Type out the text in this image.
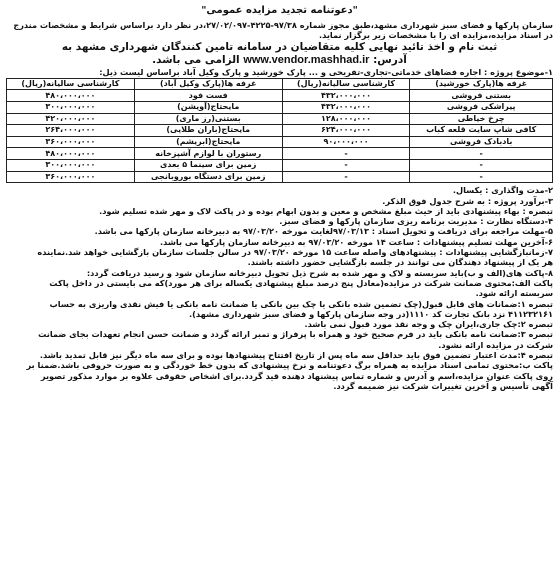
"دعوتنامه تجدید مزایده عمومی"

سازمان پارکها و فضای سبز شهرداری مشهد،طبق مجوز شماره ۹۷/۳۸-۴۲۲۵-۲۷/۰۲/۰۹۷،در نظر دارد براساس شرایط و مشخصات مندرج

در اسناد مزایده،مزایده ای را با مشخصات زیر برگزار نماید.

ثبت نام و اخذ تائید نهایی کلیه متقاضیان در سامانه تامین کنندگان شهرداری مشهد به

آدرس: www.vendor.mashhad.ir الزامی می باشد.

۱-موضوع پروژه : اجاره فضاهای خدماتی-تجاری-تفریحی و ... پارک خورشید و پارک وکیل آباد براساس لیست ذیل:

غرفه ها(پارک خورشید)	کارشناسی سالیانه(ریال)	غرفه ها(پارک وکیل آباد)	کارشناسی سالیانه(ریال)
بستنی فروشی	۴۳۲،۰۰۰،۰۰۰	فست فود	۴۸۰،۰۰۰،۰۰۰
پیراشکی فروشی	۴۳۲،۰۰۰،۰۰۰	مایحتاج(آویشن)	۳۰۰،۰۰۰،۰۰۰
چرخ خیاطی	۱۲۸،۰۰۰،۰۰۰	بستنی(رز ماری)	۴۲۰،۰۰۰،۰۰۰
کافی شاپ سایت قلعه کباب	۶۲۴،۰۰۰،۰۰۰	مایحتاج(باران طلایی)	۲۶۴،۰۰۰،۰۰۰
بادبادک فروشی	۹۰،۰۰۰،۰۰۰	مایحتاج(ابریشم)	۳۶۰،۰۰۰،۰۰۰
-	-	رستوران با لوازم آشپزخانه	۴۸۰،۰۰۰،۰۰۰
-	-	زمین برای سینما ۵ بعدی	۳۰۰،۰۰۰،۰۰۰
-	-	زمین برای دستگاه بوروبانجی	۳۶۰،۰۰۰،۰۰۰

۲-مدت واگذاری : یکسال.

۳-برآورد پروژه : به شرح جدول فوق الذکر.

تبصره : بهاء پیشنهادی باید از حیث مبلغ مشخص و معین و بدون ابهام بوده و در پاکت لاک و مهر شده تسلیم شود.

۴-دستگاه نظارت : مدیریت برنامه ریزی سازمان پارکها و فضای سبز.

۵-مهلت مراجعه برای دریافت و تحویل اسناد : ۹۷/۰۳/۱۳لغایت مورخه ۹۷/۰۳/۲۰ به دبیرخانه سازمان پارکها می باشد.

۶-آخرین مهلت تسلیم پیشنهادات : ساعت ۱۴ مورخه ۹۷/۰۳/۲۰ به دبیرخانه سازمان پارکها می باشد.

۷-زمانبازگشایی پیشنهادات : پیشنهادهای واصله ساعت ۱۵ مورخه ۹۷/۰۳/۲۰ در سالن جلسات سازمان بازگشایی خواهد شد.نماینده

هر یک از پیشنهاد دهندگان می توانند در جلسه بازگشایی حضور داشته باشند.

۸-پاکت های(الف و ب)باید سربسته و لاک و مهر شده به شرح ذیل تحویل دبیرخانه سازمان شود و رسید دریافت گردد:

پاکت الف:محتوی ضمانت شرکت در مزایده(معادل پنج درصد مبلغ پیشنهادی یکساله برای هر مورد)که می بایستی در داخل پاکت

سربسته ارائه شود.

تبصره ۱:ضمانات های قابل قبول(چک تضمین شده بانکی یا چک بین بانکی یا ضمانت نامه بانکی یا فیش نقدی واریزی به حساب

۴۱۱۲۳۲۱۶۱ نزد بانک تجارت کد ۱۱۱۰(در وجه سازمان پارکها و فضای سبز شهرداری مشهد).

تبصره ۲:چک جاری،ایران چک و وجه نقد مورد قبول نمی باشد.

تبصره ۳:ضمانت نامه بانکی باید در فرم صحیح خود و همراه با پرفراژ و تمبر ارائه گردد و ضمانت حسن انجام تعهدات بجای ضمانت

شرکت در مزایده ارائه نشود.

تبصره ۴:مدت اعتبار تضمین فوق باید حداقل سه ماه پس از تاریخ افتتاح پیشنهادها بوده و برای سه ماه دیگر نیز قابل تمدید باشد.

پاکت ب:محتوی تمامی اسناد مزایده به همراه برگ دعوتنامه و نرخ پیشنهادی که بدون خط خوردگی و به صورت حروفی باشد.ضمنا بر

روی پاکت عنوان مزایده،اسم و آدرس و شماره تماس پیشنهاد دهنده قید گردد.برای اشخاص حقوقی علاوه بر موارد مذکور تصویر

آگهی تأسیس و آخرین تغییرات شرکت نیز ضمیمه گردد.
